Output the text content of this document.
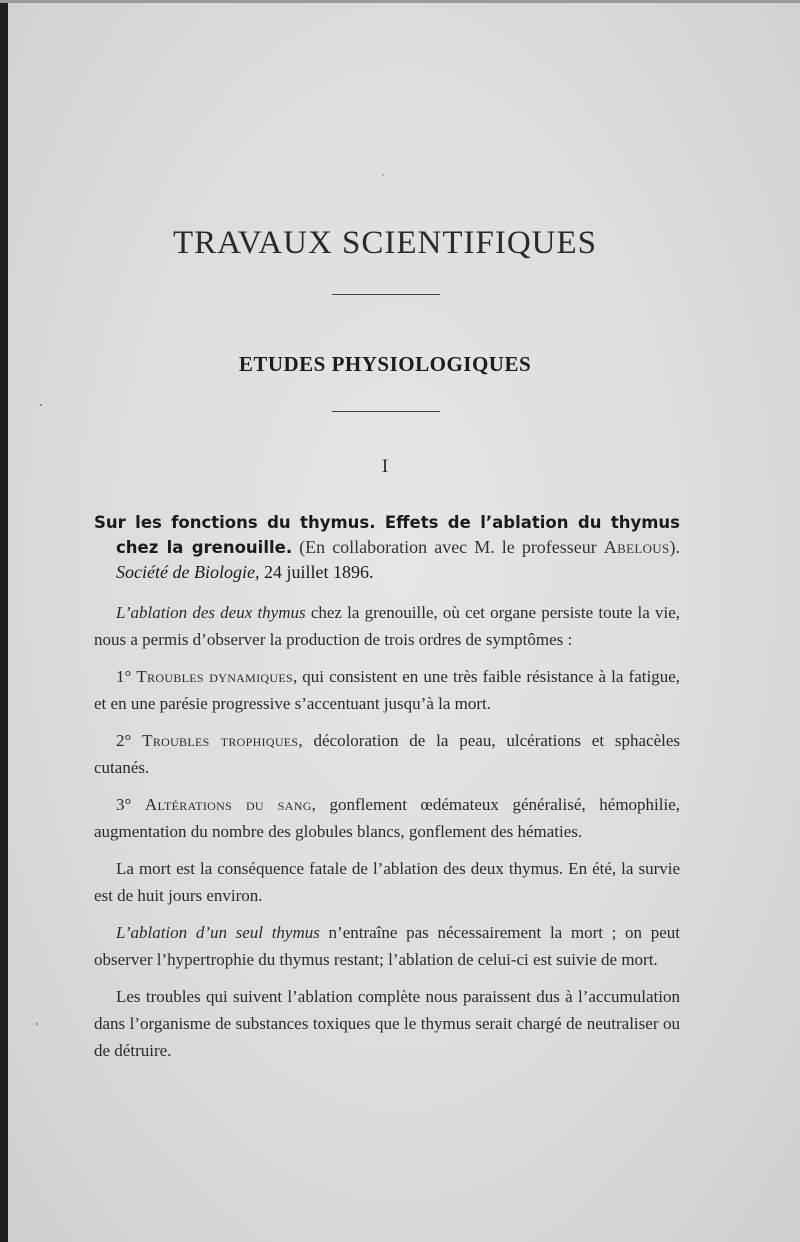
TRAVAUX SCIENTIFIQUES
ETUDES PHYSIOLOGIQUES
I
Sur les fonctions du thymus. Effets de l’ablation du thymus chez la grenouille. (En collaboration avec M. le professeur Abelous). Société de Biologie, 24 juillet 1896.

L’ablation des deux thymus chez la grenouille, où cet organe persiste toute la vie, nous a permis d’observer la production de trois ordres de symptômes :

1° Troubles dynamiques, qui consistent en une très faible résistance à la fatigue, et en une parésie progressive s’accentuant jusqu’à la mort.

2° Troubles trophiques, décoloration de la peau, ulcérations et sphacèles cutanés.

3° Altérations du sang, gonflement œdémateux généralisé, hémophilie, augmentation du nombre des globules blancs, gonflement des hématies.

La mort est la conséquence fatale de l’ablation des deux thymus. En été, la survie est de huit jours environ.

L’ablation d’un seul thymus n’entraîne pas nécessairement la mort ; on peut observer l’hypertrophie du thymus restant; l’ablation de celui-ci est suivie de mort.

Les troubles qui suivent l’ablation complète nous paraissent dus à l’accumulation dans l’organisme de substances toxiques que le thymus serait chargé de neutraliser ou de détruire.
